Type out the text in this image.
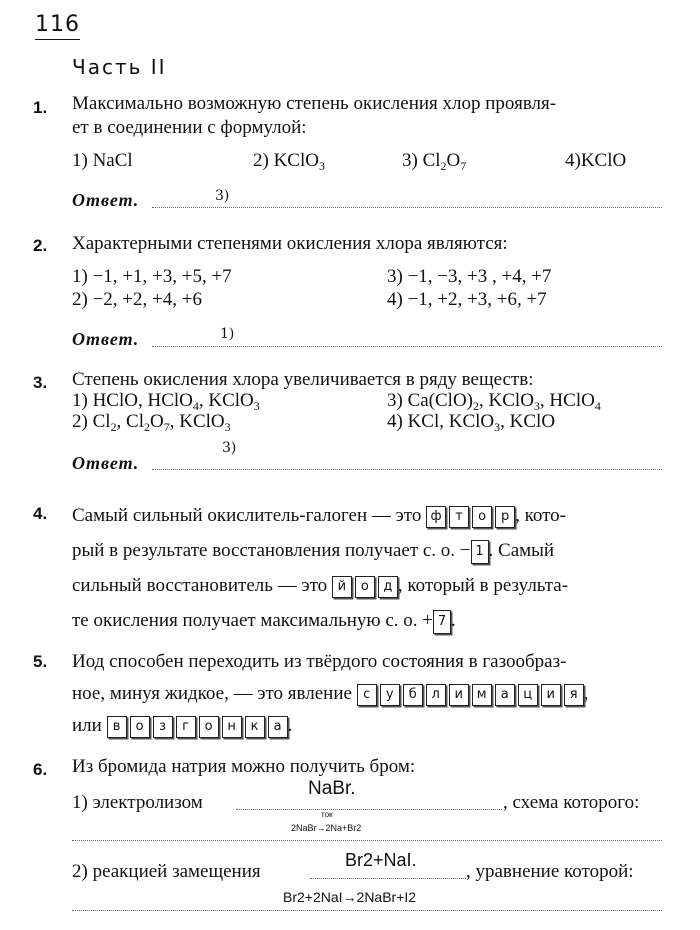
116
Часть II
1. Максимально возможную степень окисления хлор проявля-
ет в соединении с формулой:
1) NaCl	2) KClO$_3$	3) $Cl_2O_7$	4)KClO
Ответ.	3)
2. Характерными степенями окисления хлора являются:
1) −1, +1, +3, +5, +7
2) −2, +2, +4, +6
3) −1, −3, +3 , +4, +7
4) −1, +2, +3, +6, +7
Ответ.	1)
3. Степень окисления хлора увеличивается в ряду веществ:
1) HClO, HClO$_4$, KClO$_3$
2) $Cl_2$, $Cl_2O_7$, KClO$_3$
3) $Ca(ClO)_2$, KClO$_3$, HClO$_4$
4) KCl, KClO$_3$, KClO
Ответ.
3)
4. Самый сильный окислитель-галоген — это ф	т	о	р , кото-
рый в результате восстановления получает с. о. − 1 . Самый
сильный восстановитель — это й	о	д , который в результа-
те окисления получает максимальную с. о. + 7 .
5. Иод способен переходить из твёрдого состояния в газообраз-
ное, минуя жидкое, — это явление с	у	б	л	и	м	а	ц	и	я ,
или в	о	з	г	о	н	к	а .
6. Из бромида натрия можно получить бром:
1) электролизом
NaBr.
, схема которого:
ток
2NaBr→2Na+Br2
2) реакцией замещения
Br2+NaI.
, уравнение которой:
Br2+2NaI→2NaBr+I2
